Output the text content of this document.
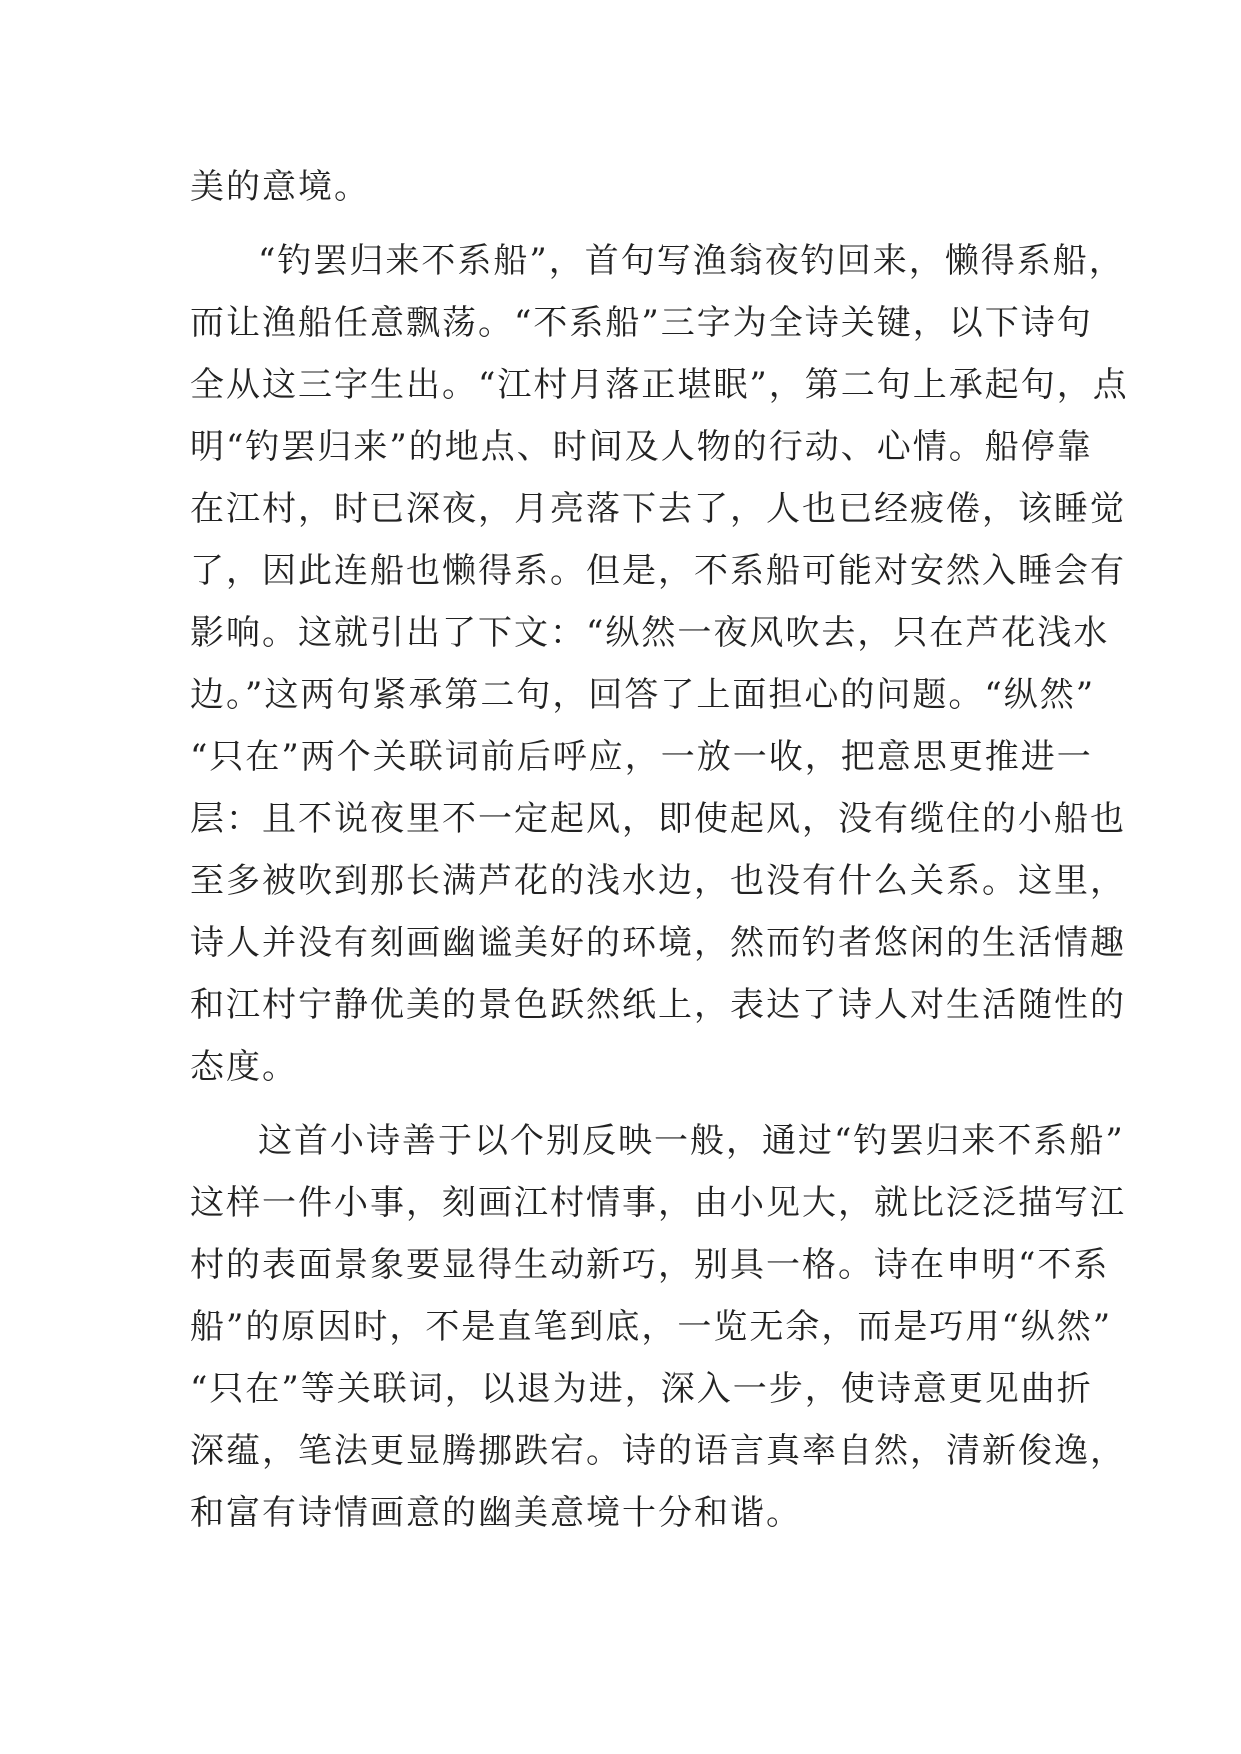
美的意境。
“钓罢归来不系船”，首句写渔翁夜钓回来，懒得系船，
而让渔船任意飘荡。“不系船”三字为全诗关键，以下诗句
全从这三字生出。“江村月落正堪眠”，第二句上承起句，点
明“钓罢归来”的地点、时间及人物的行动、心情。船停靠
在江村，时已深夜，月亮落下去了，人也已经疲倦，该睡觉
了，因此连船也懒得系。但是，不系船可能对安然入睡会有
影响。这就引出了下文：“纵然一夜风吹去，只在芦花浅水
边。”这两句紧承第二句，回答了上面担心的问题。“纵然”
“只在”两个关联词前后呼应，一放一收，把意思更推进一
层：且不说夜里不一定起风，即使起风，没有缆住的小船也
至多被吹到那长满芦花的浅水边，也没有什么关系。这里，
诗人并没有刻画幽谧美好的环境，然而钓者悠闲的生活情趣
和江村宁静优美的景色跃然纸上，表达了诗人对生活随性的
态度。
这首小诗善于以个别反映一般，通过“钓罢归来不系船”
这样一件小事，刻画江村情事，由小见大，就比泛泛描写江
村的表面景象要显得生动新巧，别具一格。诗在申明“不系
船”的原因时，不是直笔到底，一览无余，而是巧用“纵然”
“只在”等关联词，以退为进，深入一步，使诗意更见曲折
深蕴，笔法更显腾挪跌宕。诗的语言真率自然，清新俊逸，
和富有诗情画意的幽美意境十分和谐。
